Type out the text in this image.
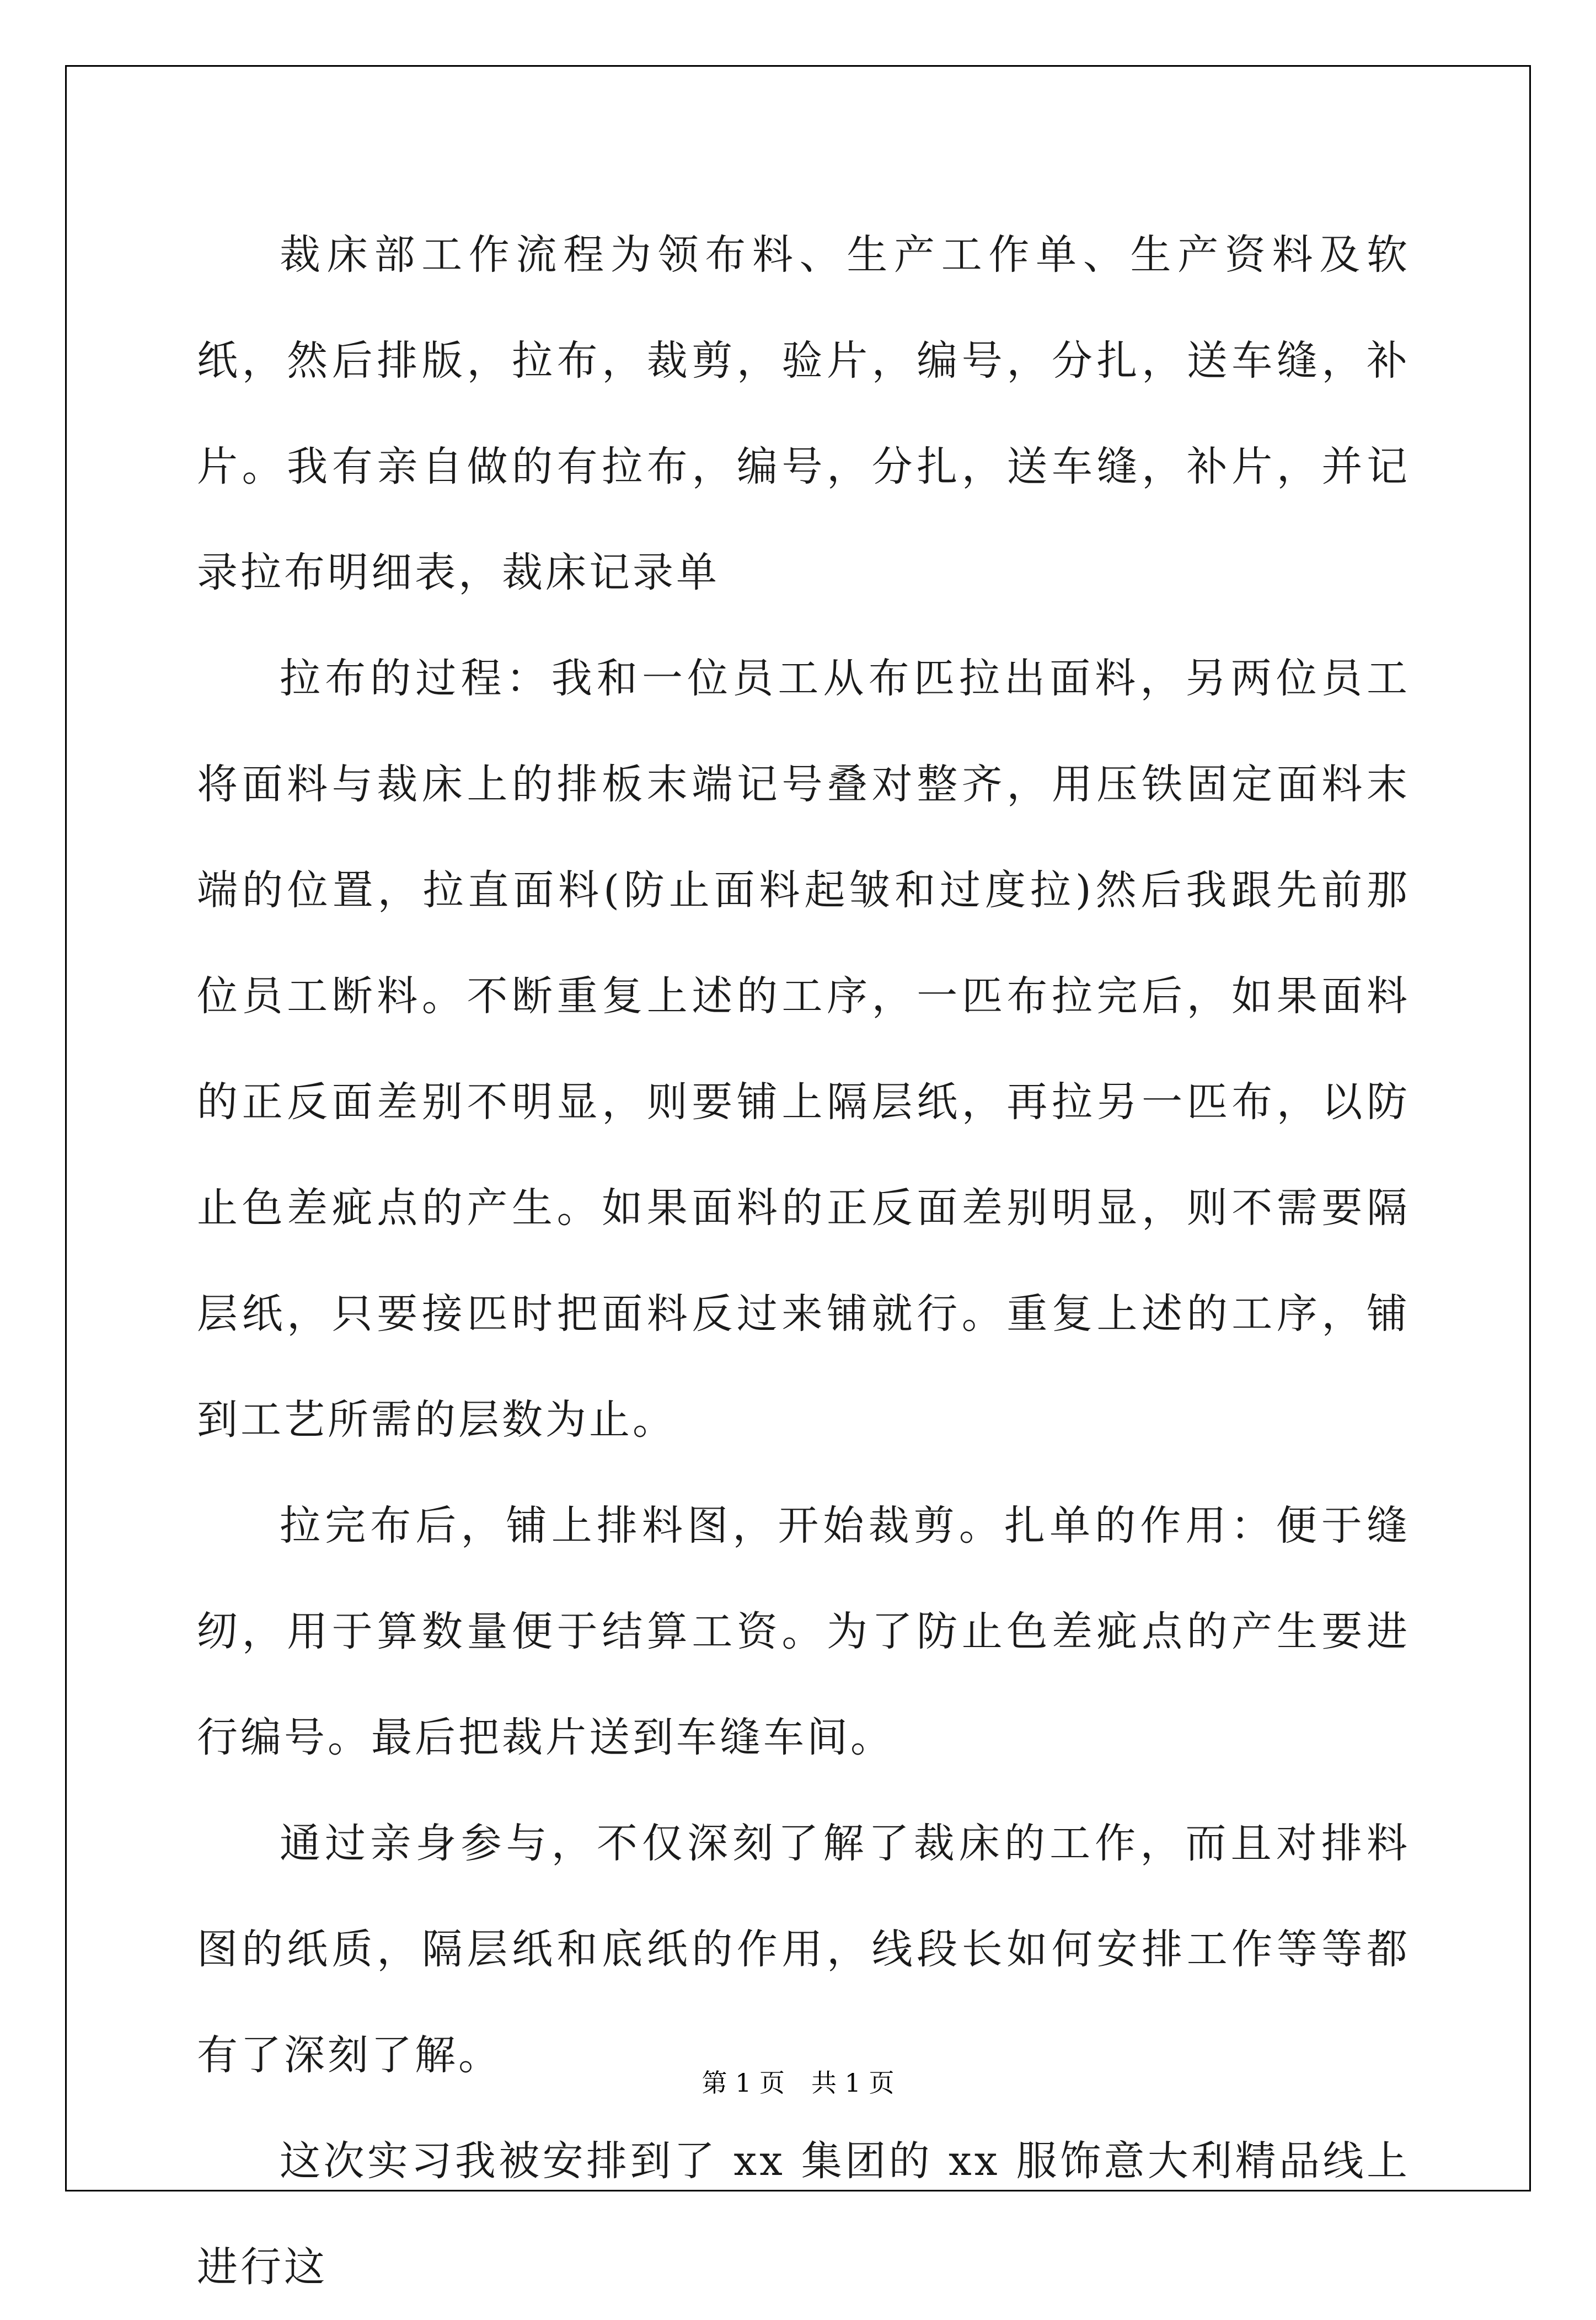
裁床部工作流程为领布料、生产工作单、生产资料及软纸，然后排版，拉布，裁剪，验片，编号，分扎，送车缝，补片。我有亲自做的有拉布，编号，分扎，送车缝，补片，并记录拉布明细表，裁床记录单

拉布的过程：我和一位员工从布匹拉出面料，另两位员工将面料与裁床上的排板末端记号叠对整齐，用压铁固定面料末端的位置，拉直面料(防止面料起皱和过度拉)然后我跟先前那位员工断料。不断重复上述的工序，一匹布拉完后，如果面料的正反面差别不明显，则要铺上隔层纸，再拉另一匹布，以防止色差疵点的产生。如果面料的正反面差别明显，则不需要隔层纸，只要接匹时把面料反过来铺就行。重复上述的工序，铺到工艺所需的层数为止。

拉完布后，铺上排料图，开始裁剪。扎单的作用：便于缝纫，用于算数量便于结算工资。为了防止色差疵点的产生要进行编号。最后把裁片送到车缝车间。

通过亲身参与，不仅深刻了解了裁床的工作，而且对排料图的纸质，隔层纸和底纸的作用，线段长如何安排工作等等都有了深刻了解。

这次实习我被安排到了 xx 集团的 xx 服饰意大利精品线上进行这

第 1 页 共 1 页
